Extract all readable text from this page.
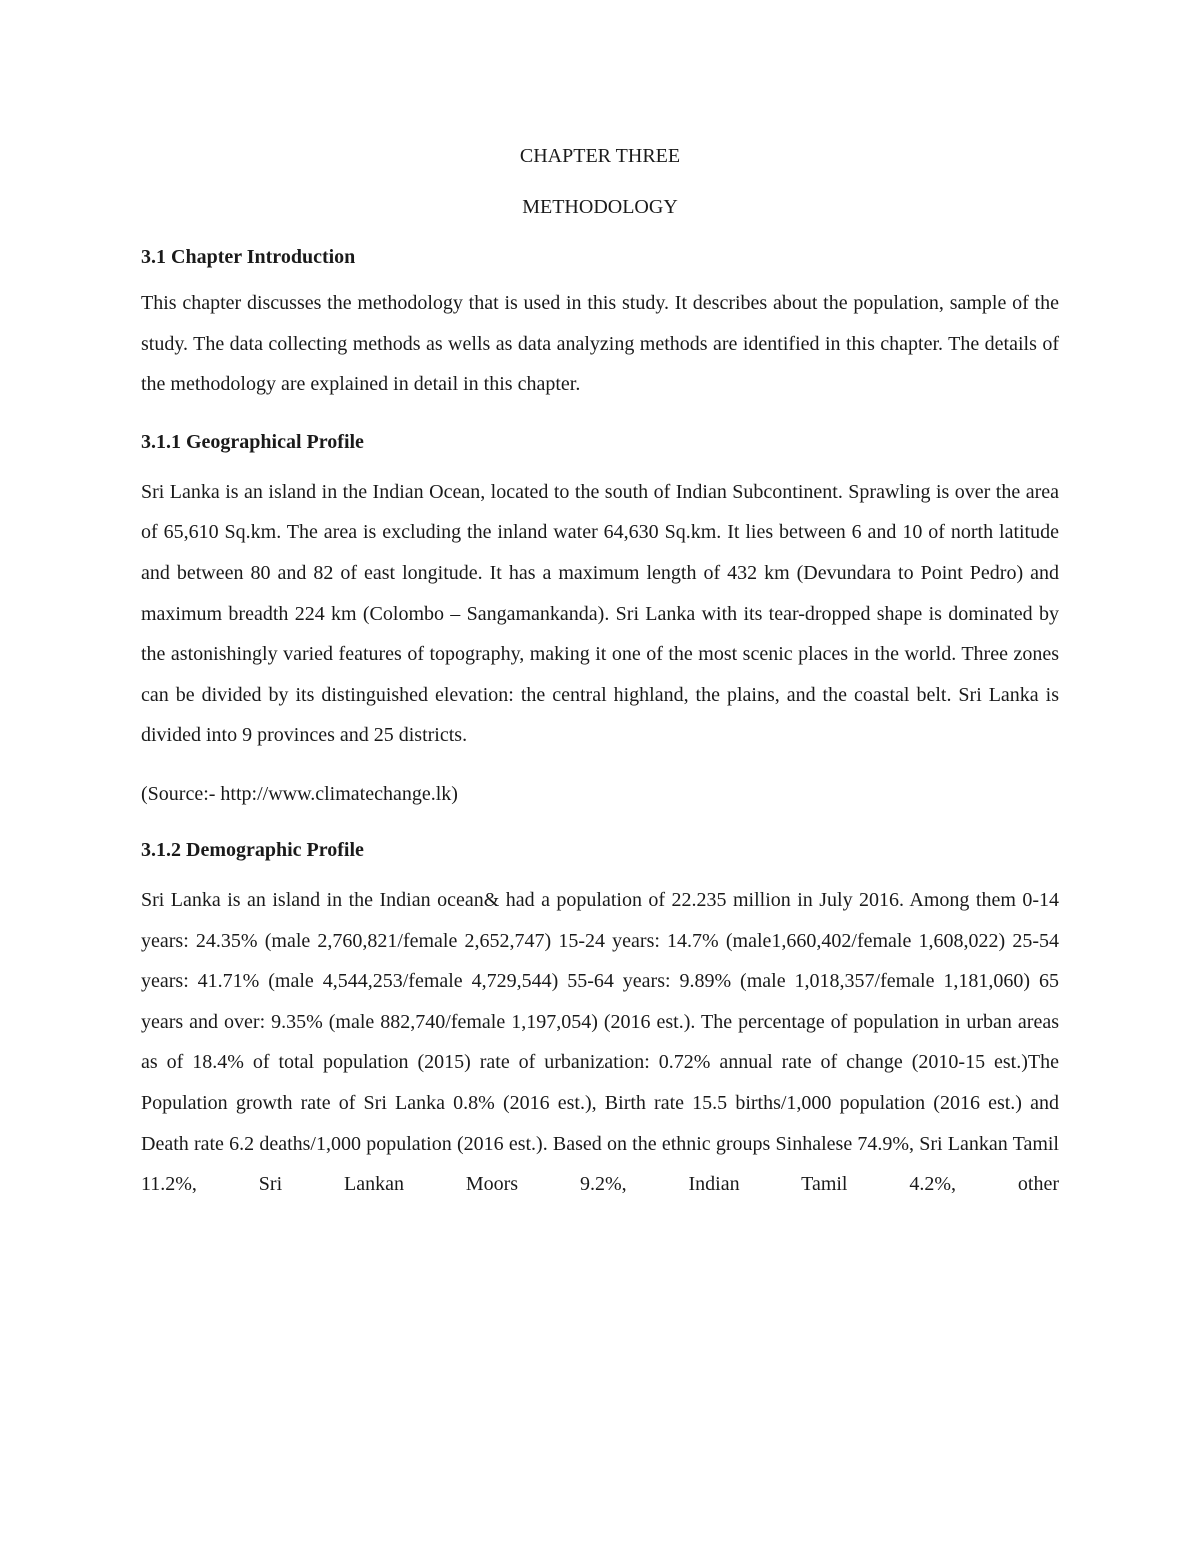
CHAPTER THREE

METHODOLOGY

3.1 Chapter Introduction

This chapter discusses the methodology that is used in this study. It describes about the population, sample of the study. The data collecting methods as wells as data analyzing methods are identified in this chapter. The details of the methodology are explained in detail in this chapter.

3.1.1 Geographical Profile

Sri Lanka is an island in the Indian Ocean, located to the south of Indian Subcontinent. Sprawling is over the area of 65,610 Sq.km. The area is excluding the inland water 64,630 Sq.km. It lies between 6 and 10 of north latitude and between 80 and 82 of east longitude. It has a maximum length of 432 km (Devundara to Point Pedro) and maximum breadth 224 km (Colombo – Sangamankanda). Sri Lanka with its tear-dropped shape is dominated by the astonishingly varied features of topography, making it one of the most scenic places in the world. Three zones can be divided by its distinguished elevation: the central highland, the plains, and the coastal belt. Sri Lanka is divided into 9 provinces and 25 districts.

(Source:- http://www.climatechange.lk)

3.1.2 Demographic Profile

Sri Lanka is an island in the Indian ocean& had a population of 22.235 million in July 2016. Among them 0-14 years: 24.35% (male 2,760,821/female 2,652,747) 15-24 years: 14.7% (male1,660,402/female 1,608,022) 25-54 years: 41.71% (male 4,544,253/female 4,729,544) 55-64 years: 9.89% (male 1,018,357/female 1,181,060) 65 years and over: 9.35% (male 882,740/female 1,197,054) (2016 est.). The percentage of population in urban areas as of 18.4% of total population (2015) rate of urbanization: 0.72% annual rate of change (2010-15 est.)The Population growth rate of Sri Lanka 0.8% (2016 est.), Birth rate 15.5 births/1,000 population (2016 est.) and Death rate 6.2 deaths/1,000 population (2016 est.). Based on the ethnic groups Sinhalese 74.9%, Sri Lankan Tamil 11.2%, Sri Lankan Moors 9.2%, Indian Tamil 4.2%, other
